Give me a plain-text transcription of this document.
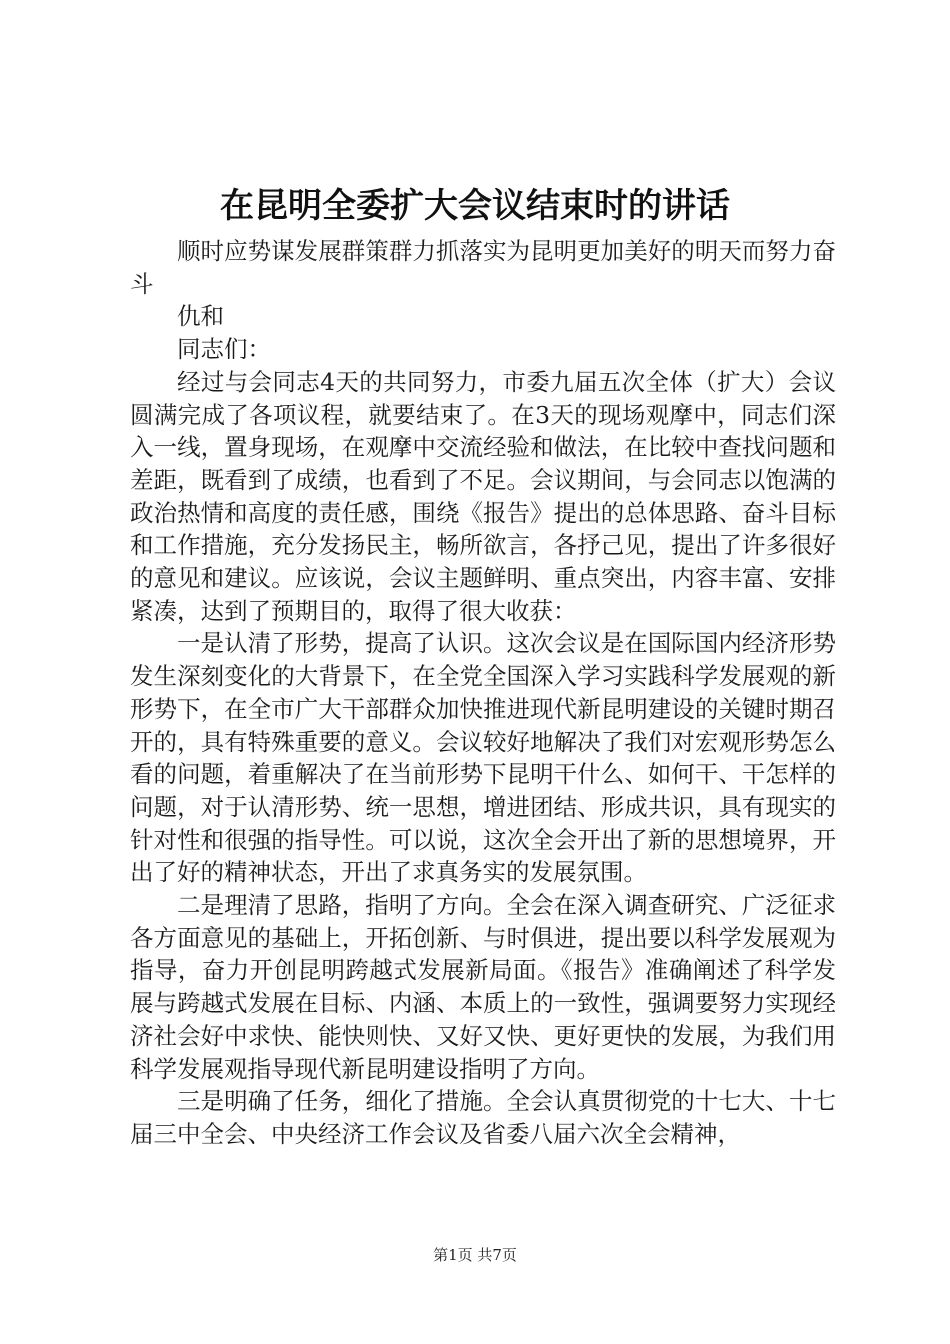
在昆明全委扩大会议结束时的讲话

顺时应势谋发展群策群力抓落实为昆明更加美好的明天而努力奋斗

仇和

同志们：

经过与会同志4天的共同努力，市委九届五次全体（扩大）会议圆满完成了各项议程，就要结束了。在3天的现场观摩中，同志们深入一线，置身现场，在观摩中交流经验和做法，在比较中查找问题和差距，既看到了成绩，也看到了不足。会议期间，与会同志以饱满的政治热情和高度的责任感，围绕《报告》提出的总体思路、奋斗目标和工作措施，充分发扬民主，畅所欲言，各抒己见，提出了许多很好的意见和建议。应该说，会议主题鲜明、重点突出，内容丰富、安排紧凑，达到了预期目的，取得了很大收获：

一是认清了形势，提高了认识。这次会议是在国际国内经济形势发生深刻变化的大背景下，在全党全国深入学习实践科学发展观的新形势下，在全市广大干部群众加快推进现代新昆明建设的关键时期召开的，具有特殊重要的意义。会议较好地解决了我们对宏观形势怎么看的问题，着重解决了在当前形势下昆明干什么、如何干、干怎样的问题，对于认清形势、统一思想，增进团结、形成共识，具有现实的针对性和很强的指导性。可以说，这次全会开出了新的思想境界，开出了好的精神状态，开出了求真务实的发展氛围。

二是理清了思路，指明了方向。全会在深入调查研究、广泛征求各方面意见的基础上，开拓创新、与时俱进，提出要以科学发展观为指导，奋力开创昆明跨越式发展新局面。《报告》准确阐述了科学发展与跨越式发展在目标、内涵、本质上的一致性，强调要努力实现经济社会好中求快、能快则快、又好又快、更好更快的发展，为我们用科学发展观指导现代新昆明建设指明了方向。

三是明确了任务，细化了措施。全会认真贯彻党的十七大、十七届三中全会、中央经济工作会议及省委八届六次全会精神，

第1页 共7页
